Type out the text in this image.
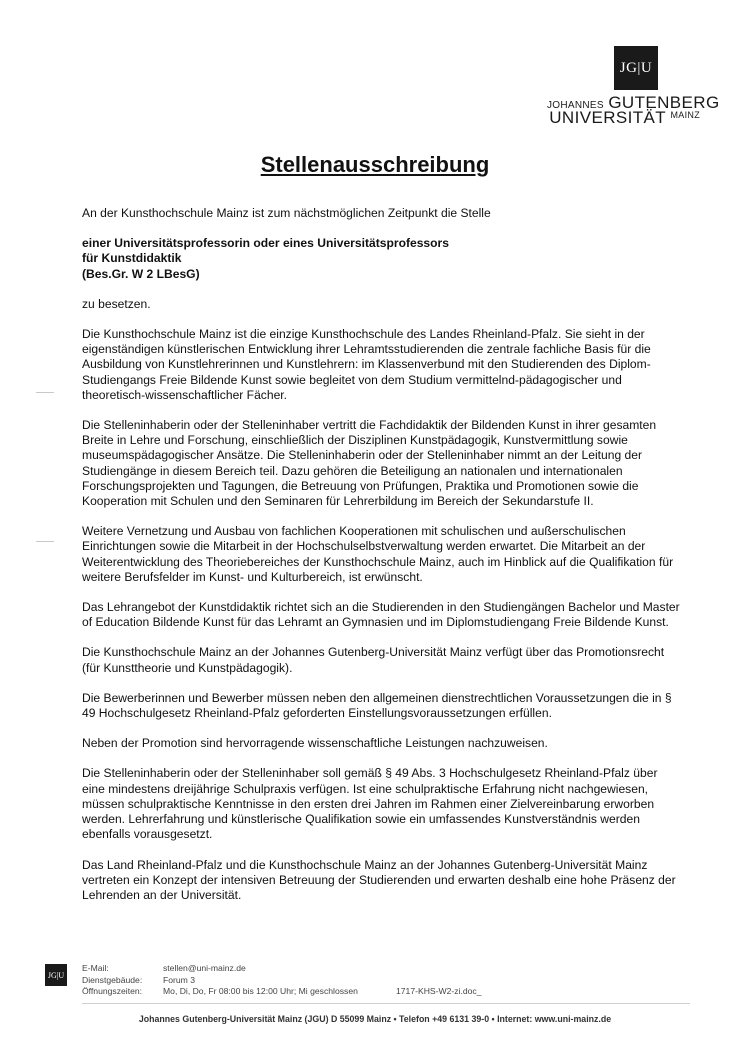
JG|U
JOHANNES GUTENBERG
UNIVERSITÄT $^{MAINZ}$
Stellenausschreibung

An der Kunsthochschule Mainz ist zum nächstmöglichen Zeitpunkt die Stelle

einer Universitätsprofessorin oder eines Universitätsprofessors
für Kunstdidaktik
(Bes.Gr. W 2 LBesG)

zu besetzen.

Die Kunsthochschule Mainz ist die einzige Kunsthochschule des Landes Rheinland-Pfalz. Sie sieht in der eigenständigen künstlerischen Entwicklung ihrer Lehramtsstudierenden die zentrale fachliche Basis für die Ausbildung von Kunstlehrerinnen und Kunstlehrern: im Klassenverbund mit den Studierenden des Diplom-Studiengangs Freie Bildende Kunst sowie begleitet von dem Studium vermittelnd-pädagogischer und theoretisch-wissenschaftlicher Fächer.

Die Stelleninhaberin oder der Stelleninhaber vertritt die Fachdidaktik der Bildenden Kunst in ihrer gesamten Breite in Lehre und Forschung, einschließlich der Disziplinen Kunstpädagogik, Kunstvermittlung sowie museumspädagogischer Ansätze. Die Stelleninhaberin oder der Stelleninhaber nimmt an der Leitung der Studiengänge in diesem Bereich teil. Dazu gehören die Beteiligung an nationalen und internationalen Forschungsprojekten und Tagungen, die Betreuung von Prüfungen, Praktika und Promotionen sowie die Kooperation mit Schulen und den Seminaren für Lehrerbildung im Bereich der Sekundarstufe II.

Weitere Vernetzung und Ausbau von fachlichen Kooperationen mit schulischen und außerschulischen Einrichtungen sowie die Mitarbeit in der Hochschulselbstverwaltung werden erwartet. Die Mitarbeit an der Weiterentwicklung des Theoriebereiches der Kunsthochschule Mainz, auch im Hinblick auf die Qualifikation für weitere Berufsfelder im Kunst- und Kulturbereich, ist erwünscht.

Das Lehrangebot der Kunstdidaktik richtet sich an die Studierenden in den Studiengängen Bachelor und Master of Education Bildende Kunst für das Lehramt an Gymnasien und im Diplomstudiengang Freie Bildende Kunst.

Die Kunsthochschule Mainz an der Johannes Gutenberg-Universität Mainz verfügt über das Promotionsrecht (für Kunsttheorie und Kunstpädagogik).

Die Bewerberinnen und Bewerber müssen neben den allgemeinen dienstrechtlichen Voraussetzungen die in § 49 Hochschulgesetz Rheinland-Pfalz geforderten Einstellungsvoraussetzungen erfüllen.

Neben der Promotion sind hervorragende wissenschaftliche Leistungen nachzuweisen.

Die Stelleninhaberin oder der Stelleninhaber soll gemäß § 49 Abs. 3 Hochschulgesetz Rheinland-Pfalz über eine mindestens dreijährige Schulpraxis verfügen. Ist eine schulpraktische Erfahrung nicht nachgewiesen, müssen schulpraktische Kenntnisse in den ersten drei Jahren im Rahmen einer Zielvereinbarung erworben werden. Lehrerfahrung und künstlerische Qualifikation sowie ein umfassendes Kunstverständnis werden ebenfalls vorausgesetzt.

Das Land Rheinland-Pfalz und die Kunsthochschule Mainz an der Johannes Gutenberg-Universität Mainz vertreten ein Konzept der intensiven Betreuung der Studierenden und erwarten deshalb eine hohe Präsenz der Lehrenden an der Universität.

JG|U
E-Mail:	stellen@uni-mainz.de
Dienstgebäude:	Forum 3
Öffnungszeiten:	Mo, Di, Do, Fr 08:00 bis 12:00 Uhr; Mi geschlossen	1717-KHS-W2-zi.doc_
Johannes Gutenberg-Universität Mainz (JGU) D 55099 Mainz • Telefon +49 6131 39-0 • Internet: www.uni-mainz.de
